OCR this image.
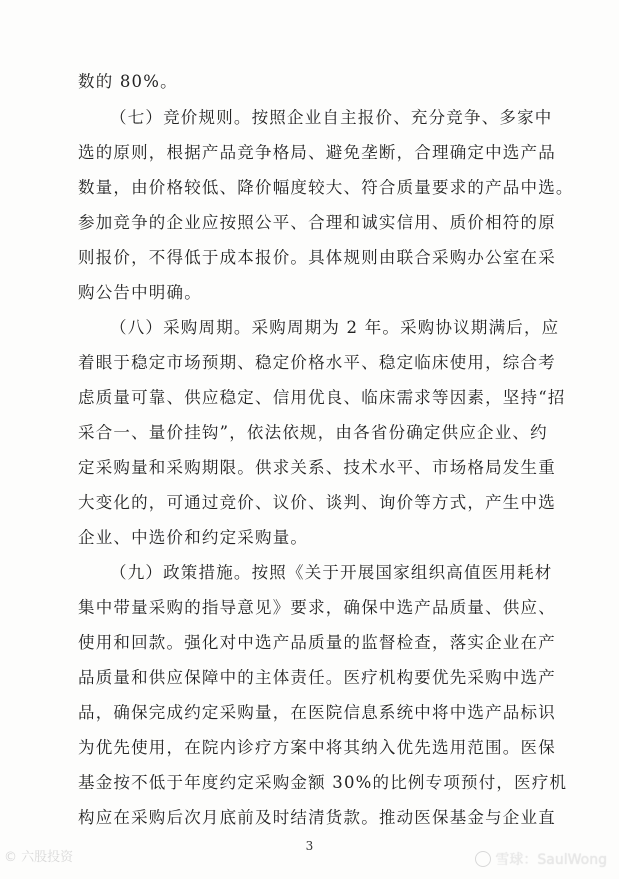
数的 80%。
（七）竞价规则。按照企业自主报价、充分竞争、多家中
选的原则，根据产品竞争格局、避免垄断，合理确定中选产品
数量，由价格较低、降价幅度较大、符合质量要求的产品中选。
参加竞争的企业应按照公平、合理和诚实信用、质价相符的原
则报价，不得低于成本报价。具体规则由联合采购办公室在采
购公告中明确。
（八）采购周期。采购周期为 2 年。采购协议期满后，应
着眼于稳定市场预期、稳定价格水平、稳定临床使用，综合考
虑质量可靠、供应稳定、信用优良、临床需求等因素，坚持“招
采合一、量价挂钩”，依法依规，由各省份确定供应企业、约
定采购量和采购期限。供求关系、技术水平、市场格局发生重
大变化的，可通过竞价、议价、谈判、询价等方式，产生中选
企业、中选价和约定采购量。
（九）政策措施。按照《关于开展国家组织高值医用耗材
集中带量采购的指导意见》要求，确保中选产品质量、供应、
使用和回款。强化对中选产品质量的监督检查，落实企业在产
品质量和供应保障中的主体责任。医疗机构要优先采购中选产
品，确保完成约定采购量，在医院信息系统中将中选产品标识
为优先使用，在院内诊疗方案中将其纳入优先选用范围。医保
基金按不低于年度约定采购金额 30%的比例专项预付，医疗机
构应在采购后次月底前及时结清货款。推动医保基金与企业直
3
© 六股投资	雪球：SaulWong
